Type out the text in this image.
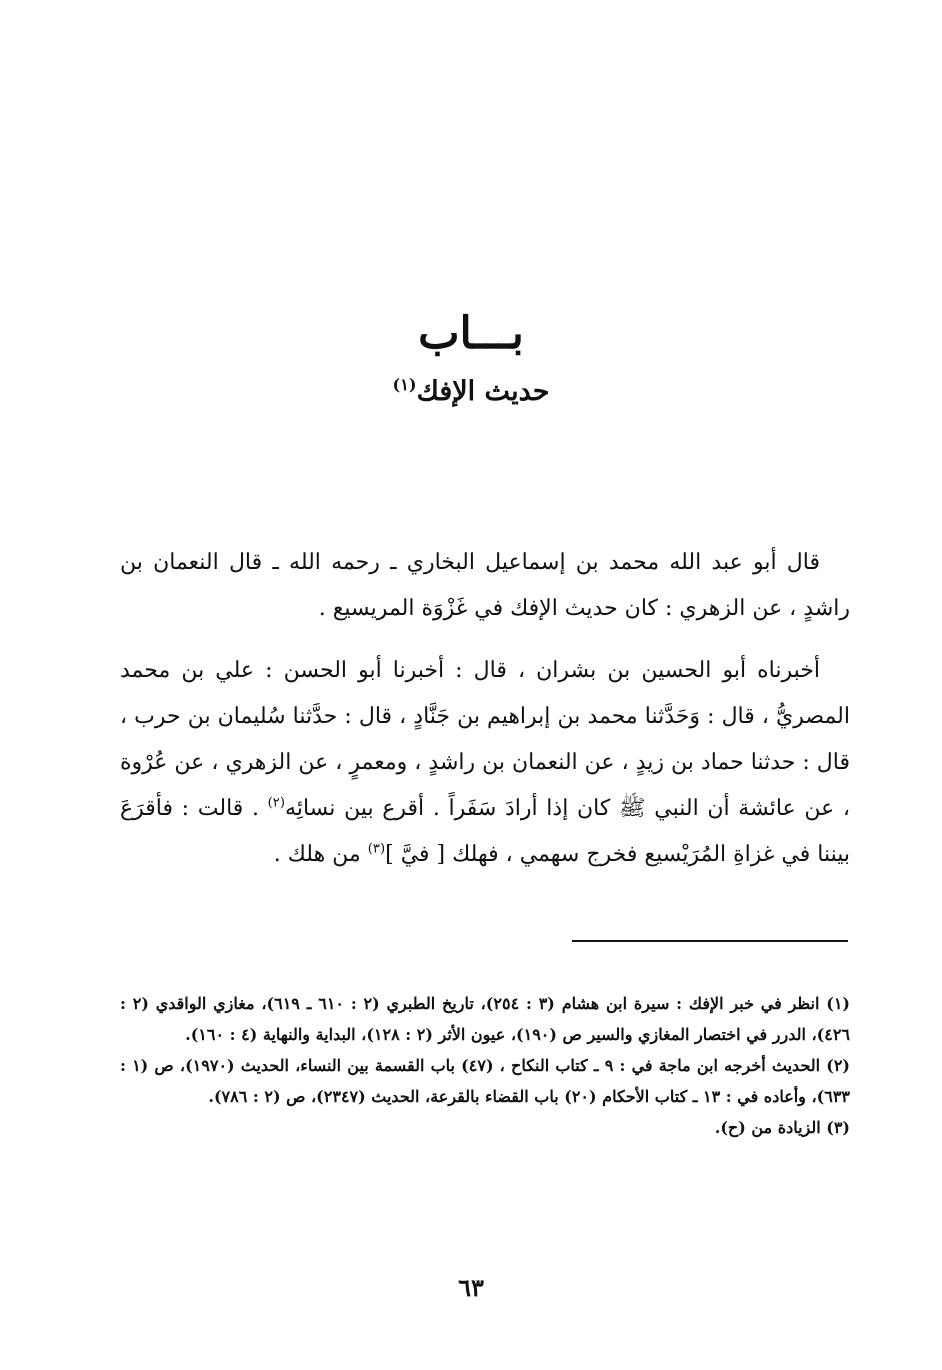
بـــاب
حديث الإفك$^{(١)}$

قال أبو عبد الله محمد بن إسماعيل البخاري ـ رحمه الله ـ قال النعمان بن راشدٍ ، عن الزهري : كان حديث الإفك في غَزْوَة المريسيع .

أخبرناه أبو الحسين بن بشران ، قال : أخبرنا أبو الحسن : علي بن محمد المصريُّ ، قال : وَحَدَّثنا محمد بن إبراهيم بن جَنَّادٍ ، قال : حدَّثنا سُليمان بن حرب ، قال : حدثنا حماد بن زيدٍ ، عن النعمان بن راشدٍ ، ومعمرٍ ، عن الزهري ، عن عُرْوة ، عن عائشة أن النبي ﷺ كان إذا أرادَ سَفَراً . أقرع بين نسائِه$^{(٢)}$ . قالت : فأقرَعَ بيننا في غزاةِ المُرَيْسيع فخرج سهمي ، فهلك [ فيَّ ]$^{(٣)}$ من هلك .

(١) انظر في خبر الإفك : سيرة ابن هشام (٣ : ٢٥٤)، تاريخ الطبري (٢ : ٦١٠ ـ ٦١٩)، مغازي الواقدي (٢ : ٤٢٦)، الدرر في اختصار المغازي والسير ص (١٩٠)، عيون الأثر (٢ : ١٢٨)، البداية والنهاية (٤ : ١٦٠).

(٢) الحديث أخرجه ابن ماجة في : ٩ ـ كتاب النكاح ، (٤٧) باب القسمة بين النساء، الحديث (١٩٧٠)، ص (١ : ٦٣٣)، وأعاده في : ١٣ ـ كتاب الأحكام (٢٠) باب القضاء بالقرعة، الحديث (٢٣٤٧)، ص (٢ : ٧٨٦).

(٣) الزيادة من (ح).

٦٣
